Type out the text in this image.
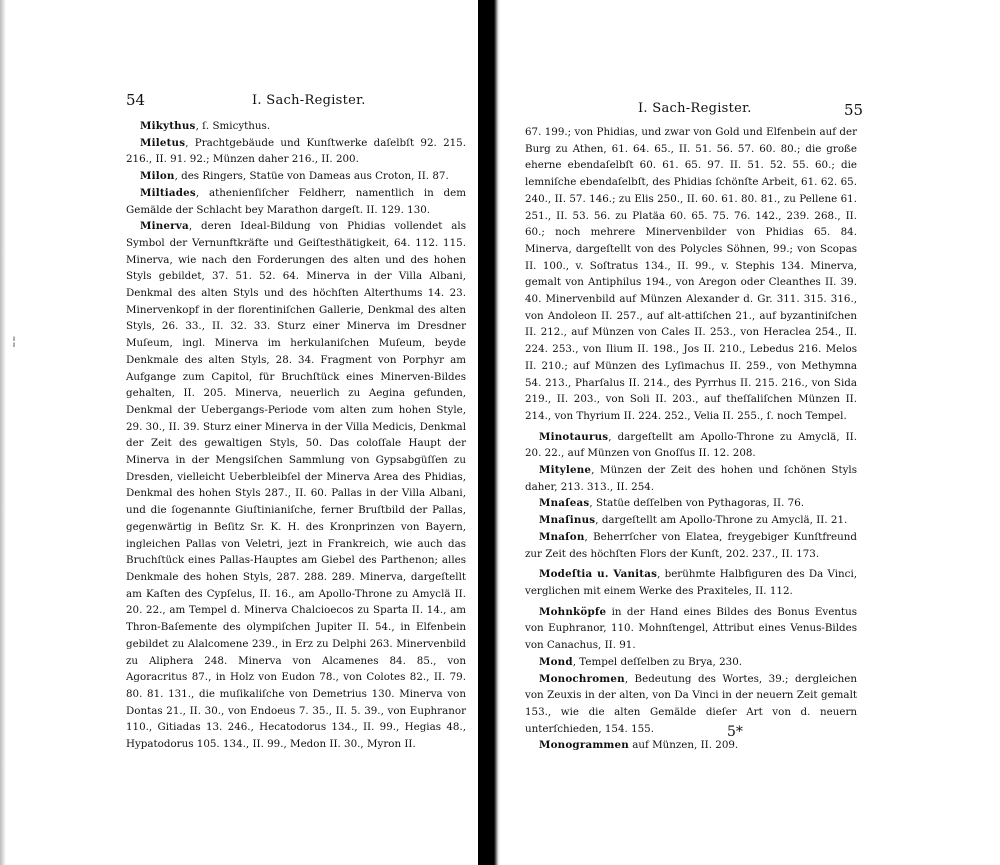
54	I. Sach-Register.
¦

Mikythus, ſ. Smicythus.

Miletus, Prachtgebäude und Kunſtwerke daſelbſt 92. 215. 216., II. 91. 92.; Münzen daher 216., II. 200.

Milon, des Ringers, Statüe von Dameas aus Croton, II. 87.

Miltiades, athenienſiſcher Feldherr, namentlich in dem Gemälde der Schlacht bey Marathon dargeſt. II. 129. 130.

Minerva, deren Ideal-Bildung von Phidias vollendet als Symbol der Vernunftkräfte und Geiſtesthätigkeit, 64. 112. 115. Minerva, wie nach den Forderungen des alten und des hohen Styls gebildet, 37. 51. 52. 64. Minerva in der Villa Albani, Denkmal des alten Styls und des höchſten Alterthums 14. 23. Minervenkopf in der florentiniſchen Gallerie, Denkmal des alten Styls, 26. 33., II. 32. 33. Sturz einer Minerva im Dresdner Muſeum, ingl. Minerva im herkulaniſchen Muſeum, beyde Denkmale des alten Styls, 28. 34. Fragment von Porphyr am Aufgange zum Capitol, für Bruchſtück eines Minerven-Bildes gehalten, II. 205. Minerva, neuerlich zu Aegina gefunden, Denkmal der Uebergangs-Periode vom alten zum hohen Style, 29. 30., II. 39. Sturz einer Minerva in der Villa Medicis, Denkmal der Zeit des gewaltigen Styls, 50. Das coloſſale Haupt der Minerva in der Mengsiſchen Sammlung von Gypsabgüſſen zu Dresden, vielleicht Ueberbleibſel der Minerva Area des Phidias, Denkmal des hohen Styls 287., II. 60. Pallas in der Villa Albani, und die ſogenannte Giuſtinianiſche, ferner Bruſtbild der Pallas, gegenwärtig in Beſitz Sr. K. H. des Kronprinzen von Bayern, ingleichen Pallas von Veletri, jezt in Frankreich, wie auch das Bruchſtück eines Pallas-Hauptes am Giebel des Parthenon; alles Denkmale des hohen Styls, 287. 288. 289. Minerva, dargeſtellt am Kaſten des Cypſelus, II. 16., am Apollo-Throne zu Amyclä II. 20. 22., am Tempel d. Minerva Chalcioecos zu Sparta II. 14., am Thron-Baſemente des olympiſchen Jupiter II. 54., in Elfenbein gebildet zu Alalcomene 239., in Erz zu Delphi 263. Minervenbild zu Aliphera 248. Minerva von Alcamenes 84. 85., von Agoracritus 87., in Holz von Eudon 78., von Colotes 82., II. 79. 80. 81. 131., die muſikaliſche von Demetrius 130. Minerva von Dontas 21., II. 30., von Endoeus 7. 35., II. 5. 39., von Euphranor 110., Gitiadas 13. 246., Hecatodorus 134., II. 99., Hegias 48., Hypatodorus 105. 134., II. 99., Medon II. 30., Myron II.

I. Sach-Register.	55

67. 199.; von Phidias, und zwar von Gold und Elfenbein auf der Burg zu Athen, 61. 64. 65., II. 51. 56. 57. 60. 80.; die große eherne ebendaſelbſt 60. 61. 65. 97. II. 51. 52. 55. 60.; die lemniſche ebendaſelbſt, des Phidias ſchönſte Arbeit, 61. 62. 65. 240., II. 57. 146.; zu Elis 250., II. 60. 61. 80. 81., zu Pellene 61. 251., II. 53. 56. zu Platäa 60. 65. 75. 76. 142., 239. 268., II. 60.; noch mehrere Minervenbilder von Phidias 65. 84. Minerva, dargeſtellt von des Polycles Söhnen, 99.; von Scopas II. 100., v. Soſtratus 134., II. 99., v. Stephis 134. Minerva, gemalt von Antiphilus 194., von Aregon oder Cleanthes II. 39. 40. Minervenbild auf Münzen Alexander d. Gr. 311. 315. 316., von Andoleon II. 257., auf alt-attiſchen 21., auf byzantiniſchen II. 212., auf Münzen von Cales II. 253., von Heraclea 254., II. 224. 253., von Ilium II. 198., Jos II. 210., Lebedus 216. Melos II. 210.; auf Münzen des Lyſimachus II. 259., von Methymna 54. 213., Pharſalus II. 214., des Pyrrhus II. 215. 216., von Sida 219., II. 203., von Soli II. 203., auf theſſaliſchen Münzen II. 214., von Thyrium II. 224. 252., Velia II. 255., ſ. noch Tempel.

Minotaurus, dargeſtellt am Apollo-Throne zu Amyclä, II. 20. 22., auf Münzen von Gnoſſus II. 12. 208.

Mitylene, Münzen der Zeit des hohen und ſchönen Styls daher, 213. 313., II. 254.

Mnaſeas, Statüe deſſelben von Pythagoras, II. 76.

Mnaſinus, dargeſtellt am Apollo-Throne zu Amyclä, II. 21.

Mnaſon, Beherrſcher von Elatea, freygebiger Kunſtfreund zur Zeit des höchſten Flors der Kunſt, 202. 237., II. 173.

Modeſtia u. Vanitas, berühmte Halbfiguren des Da Vinci, verglichen mit einem Werke des Praxiteles, II. 112.

Mohnköpfe in der Hand eines Bildes des Bonus Eventus von Euphranor, 110. Mohnſtengel, Attribut eines Venus-Bildes von Canachus, II. 91.

Mond, Tempel deſſelben zu Brya, 230.

Monochromen, Bedeutung des Wortes, 39.; dergleichen von Zeuxis in der alten, von Da Vinci in der neuern Zeit gemalt 153., wie die alten Gemälde dieſer Art von d. neuern unterſchieden, 154. 155.

Monogrammen auf Münzen, II. 209.

5*
